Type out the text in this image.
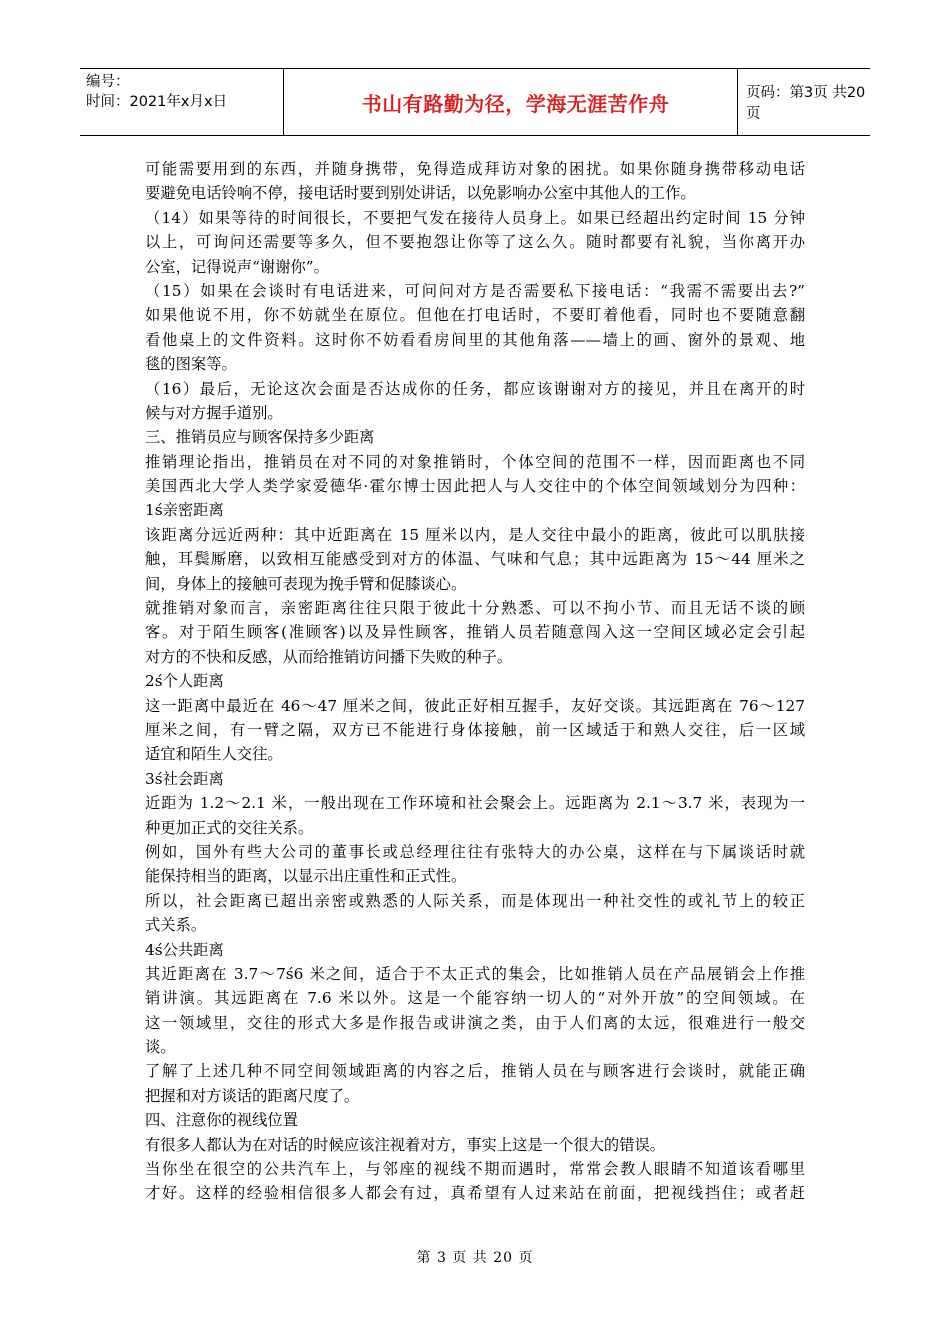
编号：
时间：2021年x月x日	书山有路勤为径，学海无涯苦作舟	页码：第3页 共20页
可能需要用到的东西，并随身携带，免得造成拜访对象的困扰。如果你随身携带移动电话
要避免电话铃响不停，接电话时要到别处讲话，以免影响办公室中其他人的工作。
（14）如果等待的时间很长，不要把气发在接待人员身上。如果已经超出约定时间 15 分钟
以上，可询问还需要等多久，但不要抱怨让你等了这么久。随时都要有礼貌，当你离开办
公室，记得说声“谢谢你”。
（15）如果在会谈时有电话进来，可问问对方是否需要私下接电话：“我需不需要出去?”
如果他说不用，你不妨就坐在原位。但他在打电话时，不要盯着他看，同时也不要随意翻
看他桌上的文件资料。这时你不妨看看房间里的其他角落——墙上的画、窗外的景观、地
毯的图案等。
（16）最后，无论这次会面是否达成你的任务，都应该谢谢对方的接见，并且在离开的时
候与对方握手道别。
三、推销员应与顾客保持多少距离
推销理论指出，推销员在对不同的对象推销时，个体空间的范围不一样，因而距离也不同
美国西北大学人类学家爱德华·霍尔博士因此把人与人交往中的个体空间领域划分为四种：
1ś亲密距离
该距离分远近两种：其中近距离在 15 厘米以内，是人交往中最小的距离，彼此可以肌肤接
触，耳鬓厮磨，以致相互能感受到对方的体温、气味和气息；其中远距离为 15～44 厘米之
间，身体上的接触可表现为挽手臂和促膝谈心。
就推销对象而言，亲密距离往往只限于彼此十分熟悉、可以不拘小节、而且无话不谈的顾
客。对于陌生顾客(准顾客)以及异性顾客，推销人员若随意闯入这一空间区域必定会引起
对方的不快和反感，从而给推销访问播下失败的种子。
2ś个人距离
这一距离中最近在 46～47 厘米之间，彼此正好相互握手，友好交谈。其远距离在 76～127
厘米之间，有一臂之隔，双方已不能进行身体接触，前一区域适于和熟人交往，后一区域
适宜和陌生人交往。
3ś社会距离
近距为 1.2～2.1 米，一般出现在工作环境和社会聚会上。远距离为 2.1～3.7 米，表现为一
种更加正式的交往关系。
例如，国外有些大公司的董事长或总经理往往有张特大的办公桌，这样在与下属谈话时就
能保持相当的距离，以显示出庄重性和正式性。
所以，社会距离已超出亲密或熟悉的人际关系，而是体现出一种社交性的或礼节上的较正
式关系。
4ś公共距离
其近距离在 3.7～7ś6 米之间，适合于不太正式的集会，比如推销人员在产品展销会上作推
销讲演。其远距离在 7.6 米以外。这是一个能容纳一切人的“对外开放”的空间领域。在
这一领域里，交往的形式大多是作报告或讲演之类，由于人们离的太远，很难进行一般交
谈。
了解了上述几种不同空间领域距离的内容之后，推销人员在与顾客进行会谈时，就能正确
把握和对方谈话的距离尺度了。
四、注意你的视线位置
有很多人都认为在对话的时候应该注视着对方，事实上这是一个很大的错误。
当你坐在很空的公共汽车上，与邻座的视线不期而遇时，常常会教人眼睛不知道该看哪里
才好。这样的经验相信很多人都会有过，真希望有人过来站在前面，把视线挡住；或者赶
第 3 页 共 20 页
